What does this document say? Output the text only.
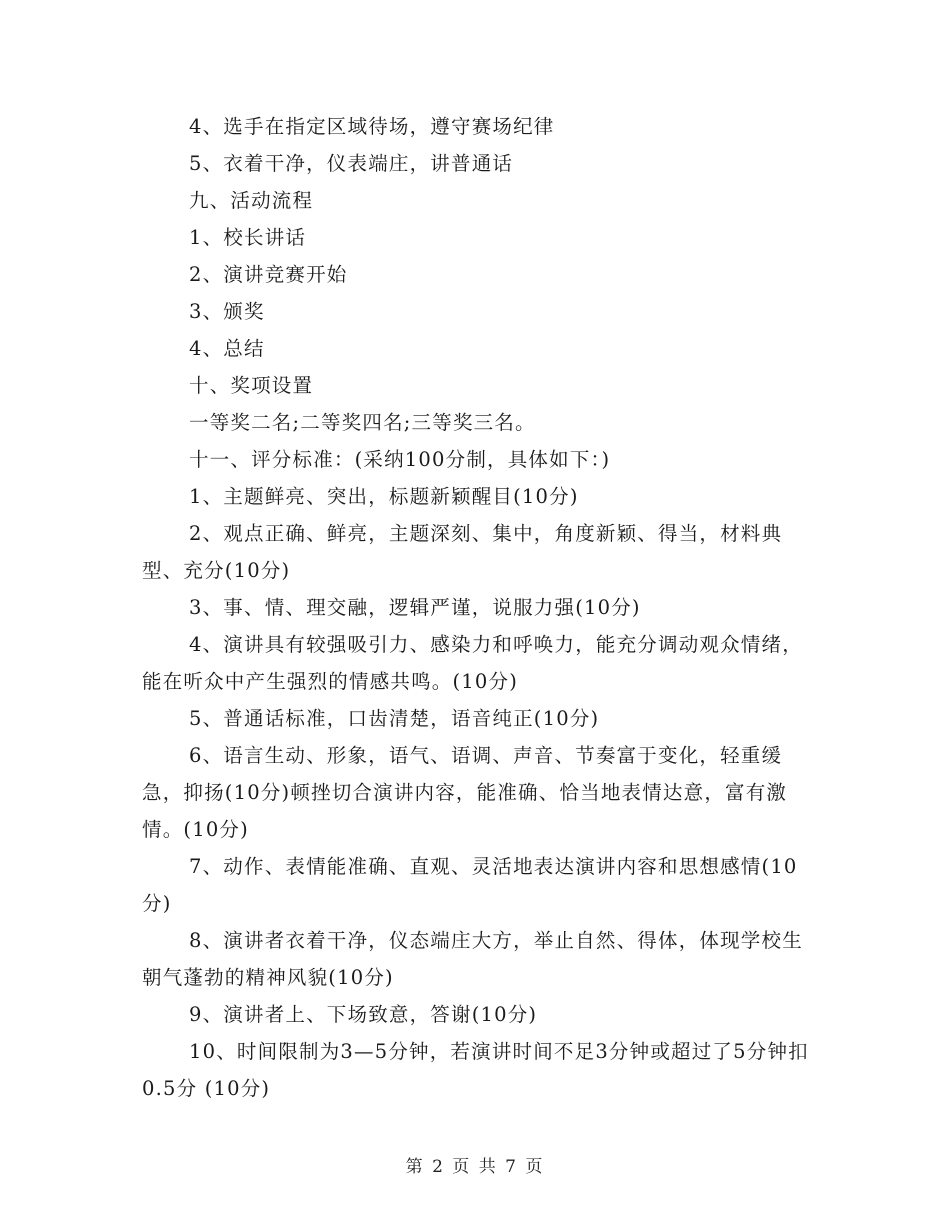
4、选手在指定区域待场，遵守赛场纪律

5、衣着干净，仪表端庄，讲普通话

九、活动流程

1、校长讲话

2、演讲竞赛开始

3、颁奖

4、总结

十、奖项设置

一等奖二名;二等奖四名;三等奖三名。

十一、评分标准：(采纳100分制，具体如下：)

1、主题鲜亮、突出，标题新颖醒目(10分)

2、观点正确、鲜亮，主题深刻、集中，角度新颖、得当，材料典型、充分(10分)

3、事、情、理交融，逻辑严谨，说服力强(10分)

4、演讲具有较强吸引力、感染力和呼唤力，能充分调动观众情绪，能在听众中产生强烈的情感共鸣。(10分)

5、普通话标准，口齿清楚，语音纯正(10分)

6、语言生动、形象，语气、语调、声音、节奏富于变化，轻重缓急，抑扬(10分)顿挫切合演讲内容，能准确、恰当地表情达意，富有激情。(10分)

7、动作、表情能准确、直观、灵活地表达演讲内容和思想感情(10分)

8、演讲者衣着干净，仪态端庄大方，举止自然、得体，体现学校生朝气蓬勃的精神风貌(10分)

9、演讲者上、下场致意，答谢(10分)

10、时间限制为3—5分钟，若演讲时间不足3分钟或超过了5分钟扣0.5分 (10分)

第 2 页 共 7 页
